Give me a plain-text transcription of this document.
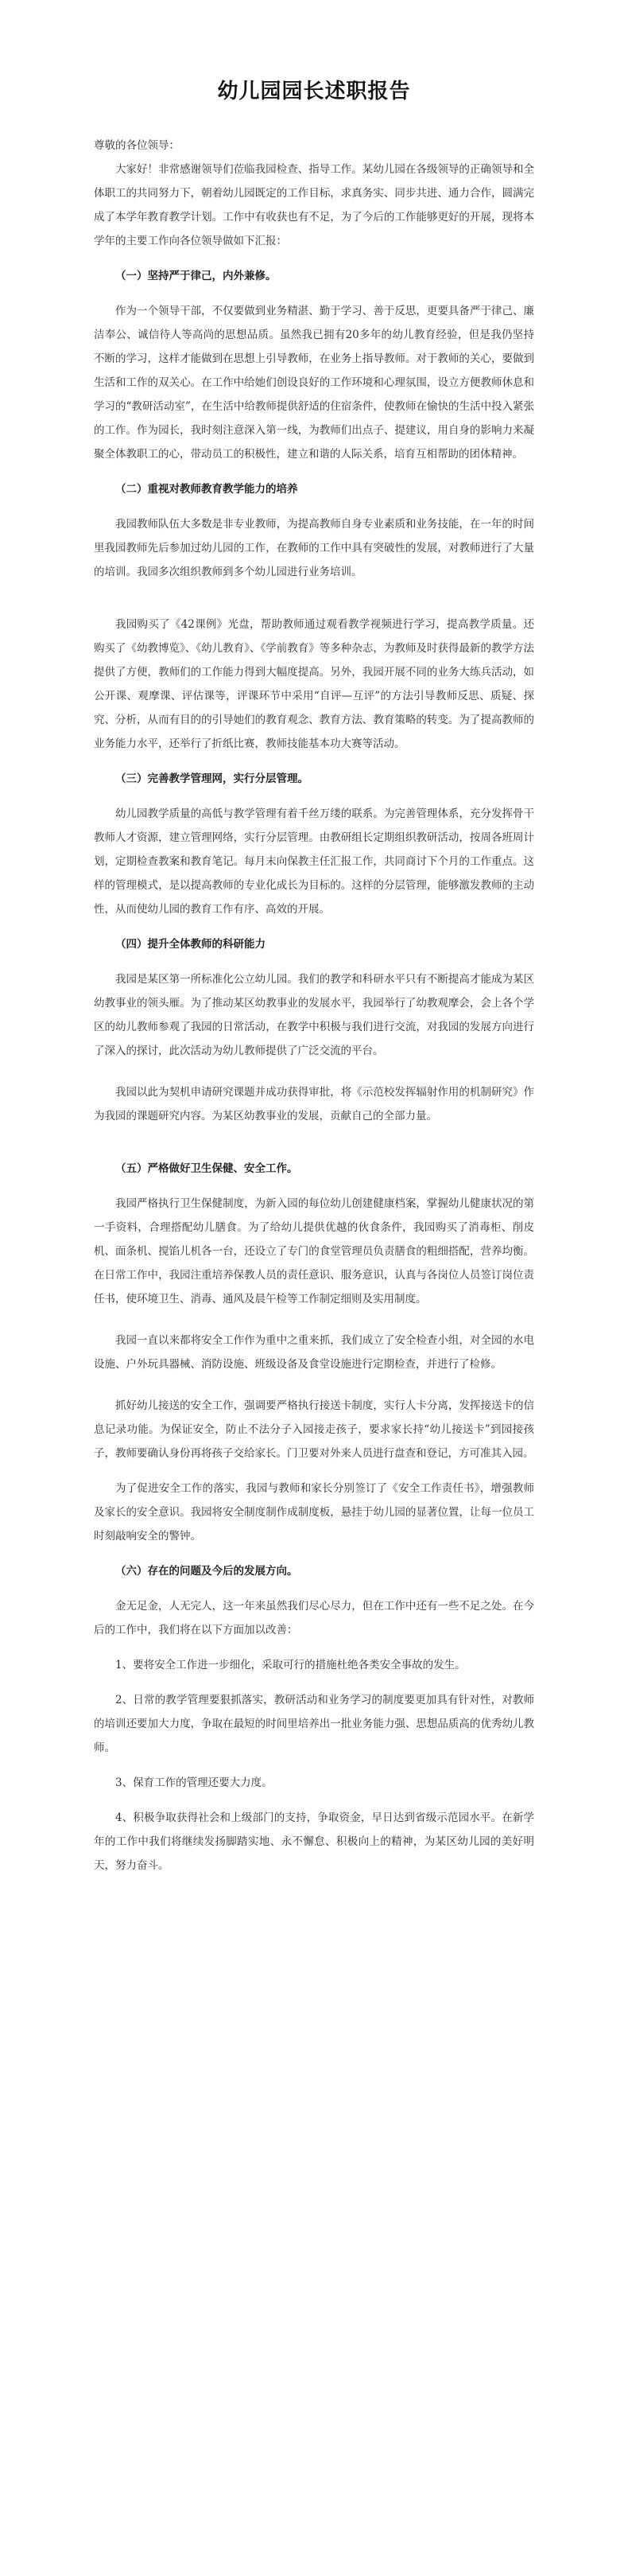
幼儿园园长述职报告

尊敬的各位领导：

大家好！非常感谢领导们莅临我园检查、指导工作。某幼儿园在各级领导的正确领导和全体职工的共同努力下，朝着幼儿园既定的工作目标，求真务实、同步共进、通力合作，圆满完成了本学年教育教学计划。工作中有收获也有不足，为了今后的工作能够更好的开展，现将本学年的主要工作向各位领导做如下汇报：

（一）坚持严于律己，内外兼修。

作为一个领导干部，不仅要做到业务精湛、勤于学习、善于反思，更要具备严于律己、廉洁奉公、诚信待人等高尚的思想品质。虽然我已拥有20多年的幼儿教育经验，但是我仍坚持不断的学习，这样才能做到在思想上引导教师，在业务上指导教师。对于教师的关心，要做到生活和工作的双关心。在工作中给她们创设良好的工作环境和心理氛围，设立方便教师休息和学习的“教研活动室”，在生活中给教师提供舒适的住宿条件，使教师在愉快的生活中投入紧张的工作。作为园长，我时刻注意深入第一线，为教师们出点子、提建议，用自身的影响力来凝聚全体教职工的心，带动员工的积极性，建立和谐的人际关系，培育互相帮助的团体精神。

（二）重视对教师教育教学能力的培养

我园教师队伍大多数是非专业教师，为提高教师自身专业素质和业务技能，在一年的时间里我园教师先后参加过幼儿园的工作，在教师的工作中具有突破性的发展，对教师进行了大量的培训。我园多次组织教师到多个幼儿园进行业务培训。

我园购买了《42课例》光盘，帮助教师通过观看教学视频进行学习，提高教学质量。还购买了《幼教博览》、《幼儿教育》、《学前教育》等多种杂志，为教师及时获得最新的教学方法提供了方便，教师们的工作能力得到大幅度提高。另外，我园开展不同的业务大练兵活动，如公开课、观摩课、评估课等，评课环节中采用“自评—互评”的方法引导教师反思、质疑、探究、分析，从而有目的的引导她们的教育观念、教育方法、教育策略的转变。为了提高教师的业务能力水平，还举行了折纸比赛，教师技能基本功大赛等活动。

（三）完善教学管理网，实行分层管理。

幼儿园教学质量的高低与教学管理有着千丝万缕的联系。为完善管理体系，充分发挥骨干教师人才资源，建立管理网络，实行分层管理。由教研组长定期组织教研活动，按周各班周计划，定期检查教案和教育笔记。每月末向保教主任汇报工作，共同商讨下个月的工作重点。这样的管理模式，是以提高教师的专业化成长为目标的。这样的分层管理，能够激发教师的主动性，从而使幼儿园的教育工作有序、高效的开展。

（四）提升全体教师的科研能力

我园是某区第一所标准化公立幼儿园。我们的教学和科研水平只有不断提高才能成为某区幼教事业的领头雁。为了推动某区幼教事业的发展水平，我园举行了幼教观摩会，会上各个学区的幼儿教师参观了我园的日常活动，在教学中积极与我们进行交流，对我园的发展方向进行了深入的探讨，此次活动为幼儿教师提供了广泛交流的平台。

我园以此为契机申请研究课题并成功获得审批，将《示范校发挥辐射作用的机制研究》作为我园的课题研究内容。为某区幼教事业的发展，贡献自己的全部力量。

（五）严格做好卫生保健、安全工作。

我园严格执行卫生保健制度，为新入园的每位幼儿创建健康档案，掌握幼儿健康状况的第一手资料，合理搭配幼儿膳食。为了给幼儿提供优越的伙食条件，我园购买了消毒柜、削皮机、面条机、搅馅儿机各一台，还设立了专门的食堂管理员负责膳食的粗细搭配，营养均衡。在日常工作中，我园注重培养保教人员的责任意识、服务意识，认真与各岗位人员签订岗位责任书，使环境卫生、消毒、通风及晨午检等工作制定细则及实用制度。

我园一直以来都将安全工作作为重中之重来抓，我们成立了安全检查小组，对全园的水电设施、户外玩具器械、消防设施、班级设备及食堂设施进行定期检查，并进行了检修。

抓好幼儿接送的安全工作，强调要严格执行接送卡制度，实行人卡分离，发挥接送卡的信息记录功能。为保证安全，防止不法分子入园接走孩子，要求家长持“幼儿接送卡”到园接孩子，教师要确认身份再将孩子交给家长。门卫要对外来人员进行盘查和登记，方可准其入园。

为了促进安全工作的落实，我园与教师和家长分别签订了《安全工作责任书》，增强教师及家长的安全意识。我园将安全制度制作成制度板，悬挂于幼儿园的显著位置，让每一位员工时刻敲响安全的警钟。

（六）存在的问题及今后的发展方向。

金无足金，人无完人，这一年来虽然我们尽心尽力，但在工作中还有一些不足之处。在今后的工作中，我们将在以下方面加以改善：

1、要将安全工作进一步细化，采取可行的措施杜绝各类安全事故的发生。

2、日常的教学管理要狠抓落实，教研活动和业务学习的制度要更加具有针对性，对教师的培训还要加大力度，争取在最短的时间里培养出一批业务能力强、思想品质高的优秀幼儿教师。

3、保育工作的管理还要大力度。

4、积极争取获得社会和上级部门的支持，争取资金，早日达到省级示范园水平。在新学年的工作中我们将继续发扬脚踏实地、永不懈怠、积极向上的精神，为某区幼儿园的美好明天，努力奋斗。
